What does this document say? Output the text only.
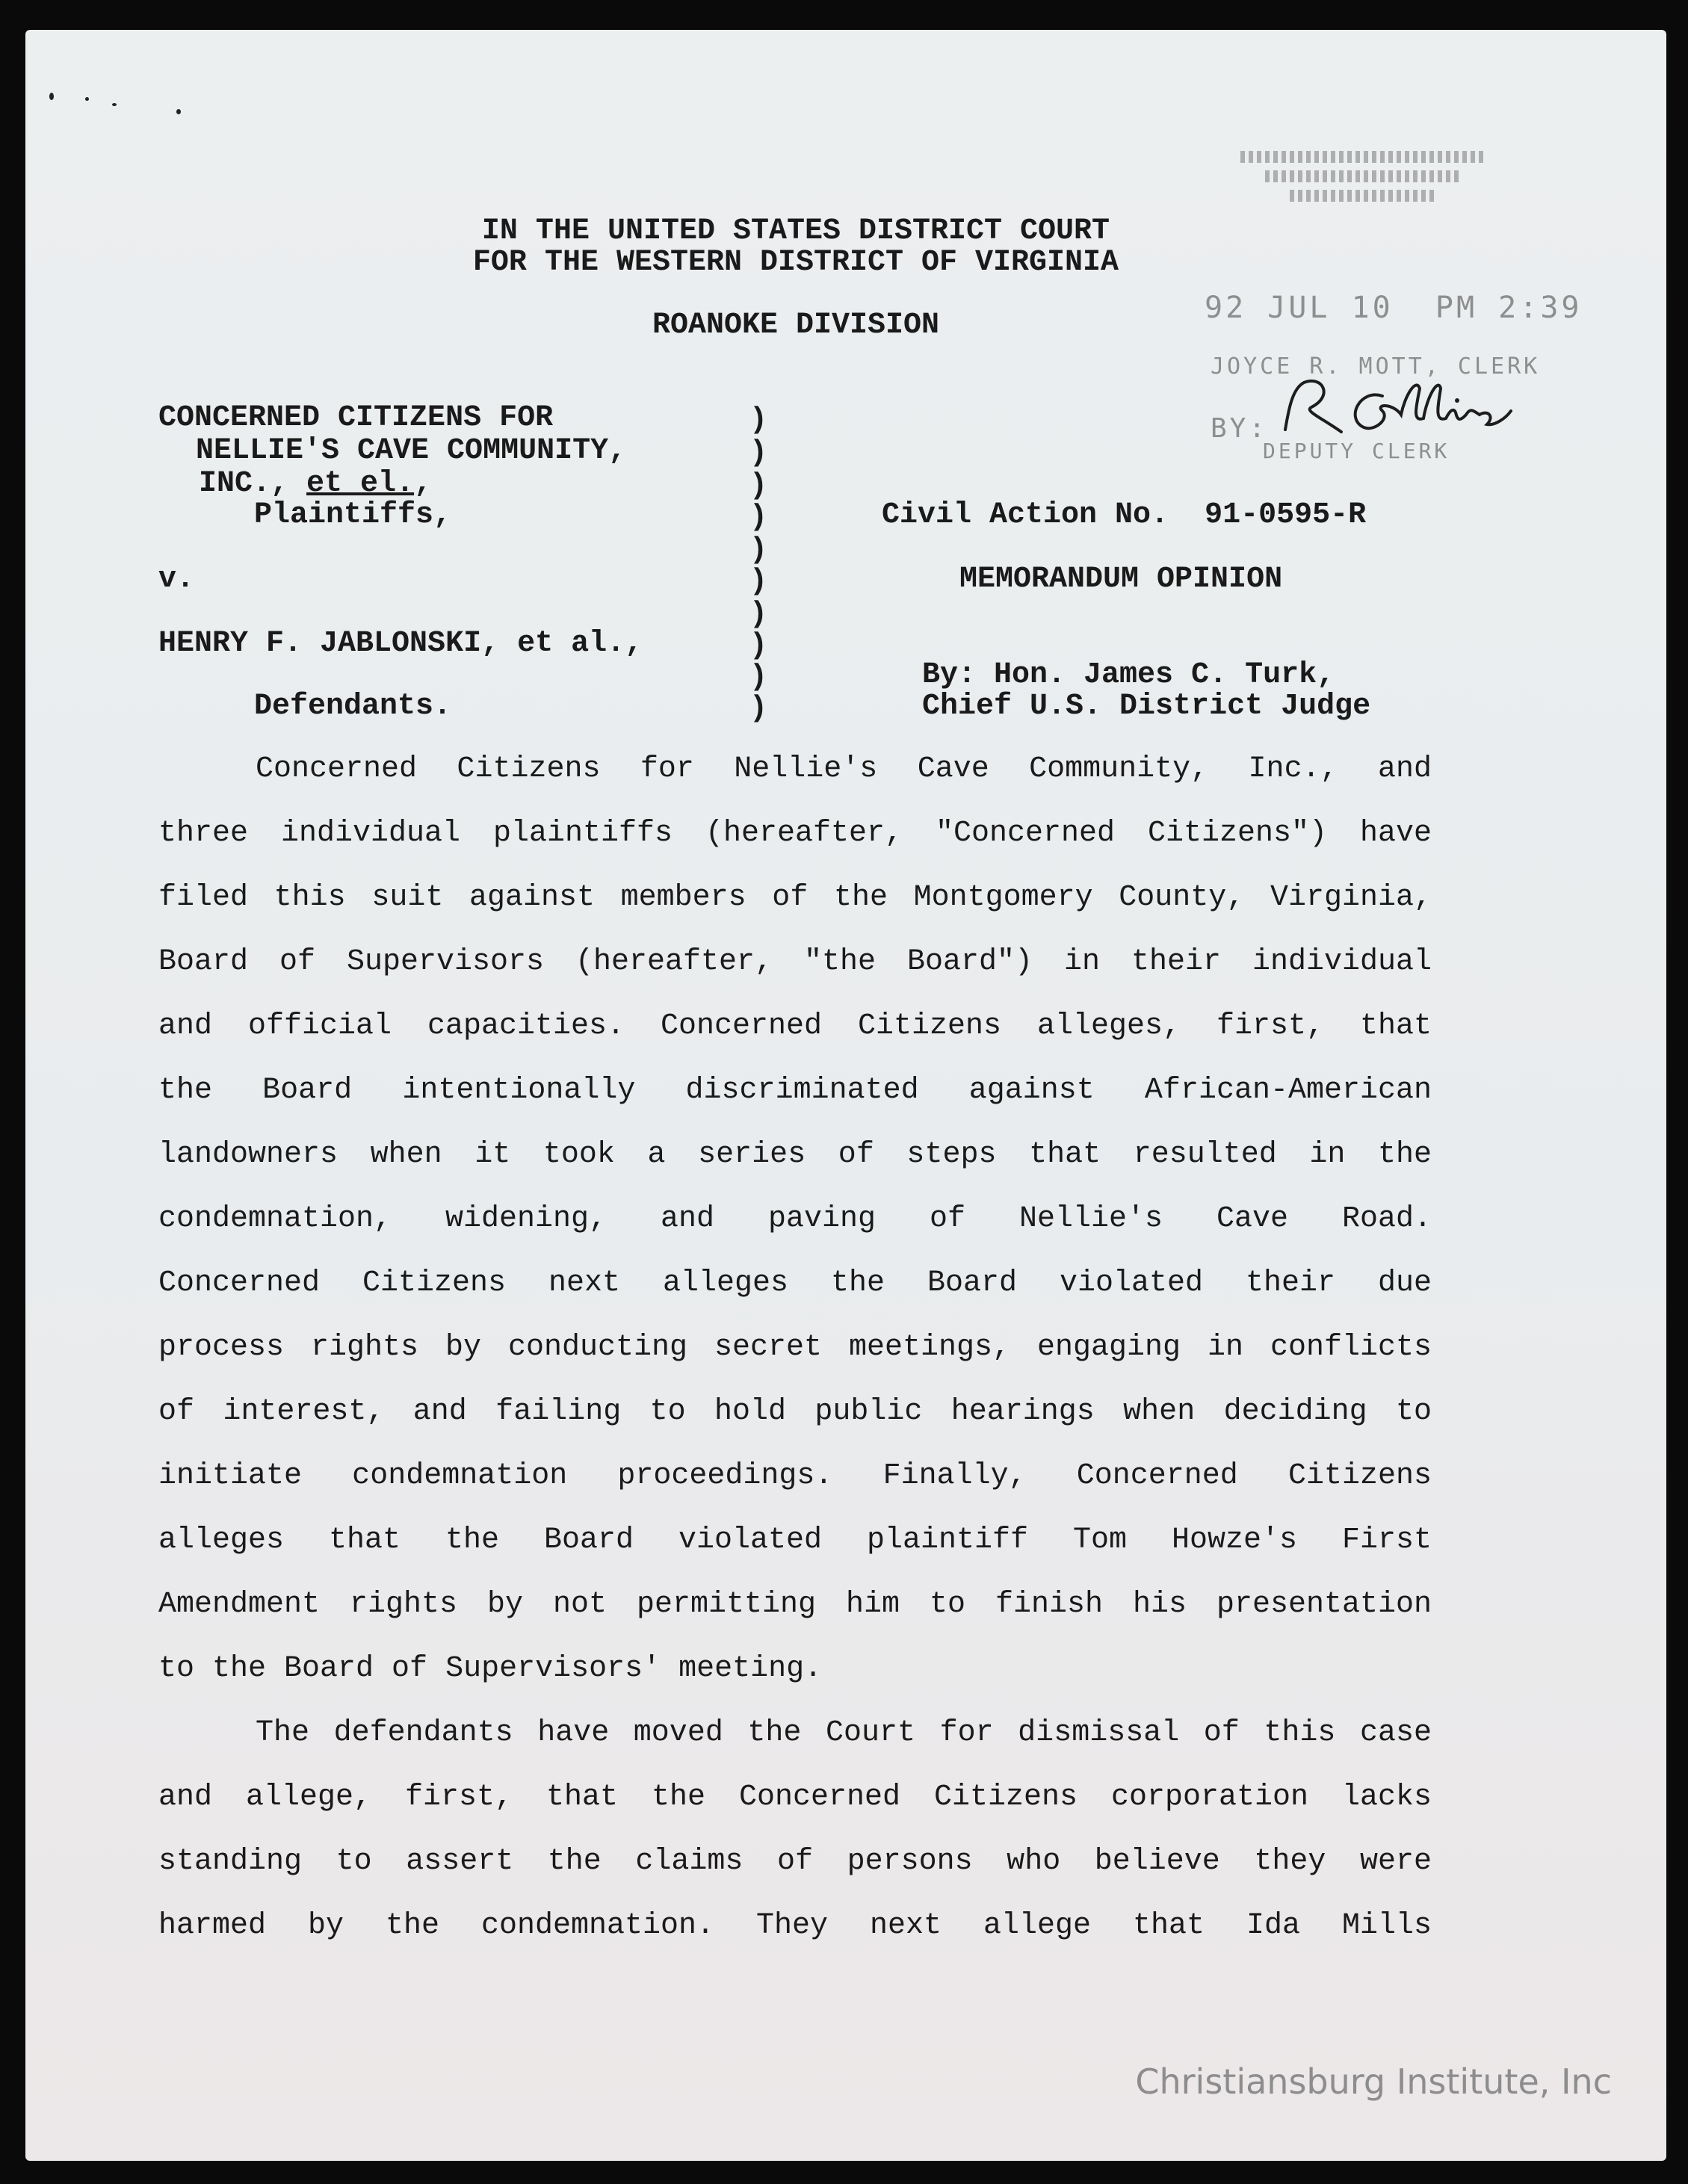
IN THE UNITED STATES DISTRICT COURT
FOR THE WESTERN DISTRICT OF VIRGINIA
ROANOKE DIVISION
92 JUL 10  PM 2:39
JOYCE R. MOTT, CLERK
BY:
DEPUTY CLERK
CONCERNED CITIZENS FOR
NELLIE'S CAVE COMMUNITY,
INC., et el.,
Plaintiffs,
v.
HENRY F. JABLONSKI, et al.,
Defendants.
)
)
)
)
)
)
)
)
)
)
Civil Action No.  91-0595-R
MEMORANDUM OPINION
By: Hon. James C. Turk,
Chief U.S. District Judge
Concerned Citizens for Nellie's Cave Community, Inc., and
three individual plaintiffs (hereafter, "Concerned Citizens") have
filed this suit against members of the Montgomery County, Virginia,
Board of Supervisors (hereafter, "the Board") in their individual
and official capacities. Concerned Citizens alleges, first, that
the Board intentionally discriminated against African-American
landowners when it took a series of steps that resulted in the
condemnation, widening, and paving of Nellie's Cave Road.
Concerned Citizens next alleges the Board violated their due
process rights by conducting secret meetings, engaging in conflicts
of interest, and failing to hold public hearings when deciding to
initiate condemnation proceedings. Finally, Concerned Citizens
alleges that the Board violated plaintiff Tom Howze's First
Amendment rights by not permitting him to finish his presentation
to the Board of Supervisors' meeting.
The defendants have moved the Court for dismissal of this case
and allege, first, that the Concerned Citizens corporation lacks
standing to assert the claims of persons who believe they were
harmed by the condemnation. They next allege that Ida Mills
Christiansburg Institute, Inc
